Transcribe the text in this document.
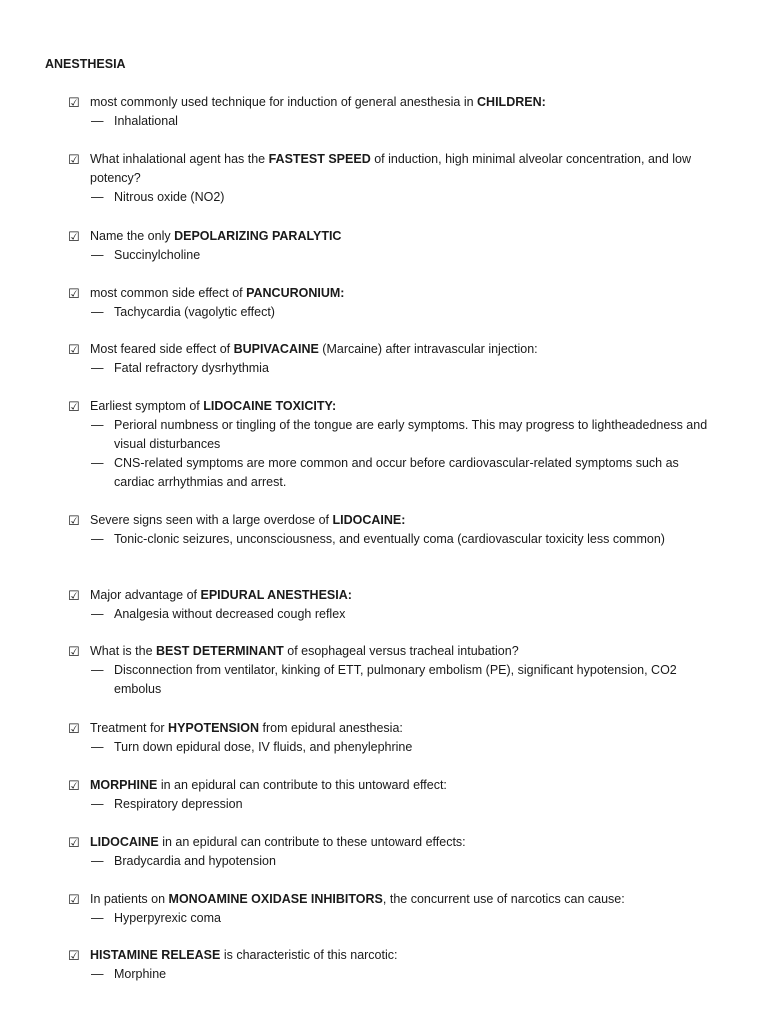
ANESTHESIA
☑ most commonly used technique for induction of general anesthesia in CHILDREN:
— Inhalational
☑ What inhalational agent has the FASTEST SPEED of induction, high minimal alveolar concentration, and low potency?
— Nitrous oxide (NO2)
☑ Name the only DEPOLARIZING PARALYTIC
— Succinylcholine
☑ most common side effect of PANCURONIUM:
— Tachycardia (vagolytic effect)
☑ Most feared side effect of BUPIVACAINE (Marcaine) after intravascular injection:
— Fatal refractory dysrhythmia
☑ Earliest symptom of LIDOCAINE TOXICITY:
— Perioral numbness or tingling of the tongue are early symptoms. This may progress to lightheadedness and visual disturbances
— CNS-related symptoms are more common and occur before cardiovascular-related symptoms such as cardiac arrhythmias and arrest.
☑ Severe signs seen with a large overdose of LIDOCAINE:
— Tonic-clonic seizures, unconsciousness, and eventually coma (cardiovascular toxicity less common)
☑ Major advantage of EPIDURAL ANESTHESIA:
— Analgesia without decreased cough reflex
☑ What is the BEST DETERMINANT of esophageal versus tracheal intubation?
— Disconnection from ventilator, kinking of ETT, pulmonary embolism (PE), significant hypotension, CO2 embolus
☑ Treatment for HYPOTENSION from epidural anesthesia:
— Turn down epidural dose, IV fluids, and phenylephrine
☑ MORPHINE in an epidural can contribute to this untoward effect:
— Respiratory depression
☑ LIDOCAINE in an epidural can contribute to these untoward effects:
— Bradycardia and hypotension
☑ In patients on MONOAMINE OXIDASE INHIBITORS, the concurrent use of narcotics can cause:
— Hyperpyrexic coma
☑ HISTAMINE RELEASE is characteristic of this narcotic:
— Morphine
